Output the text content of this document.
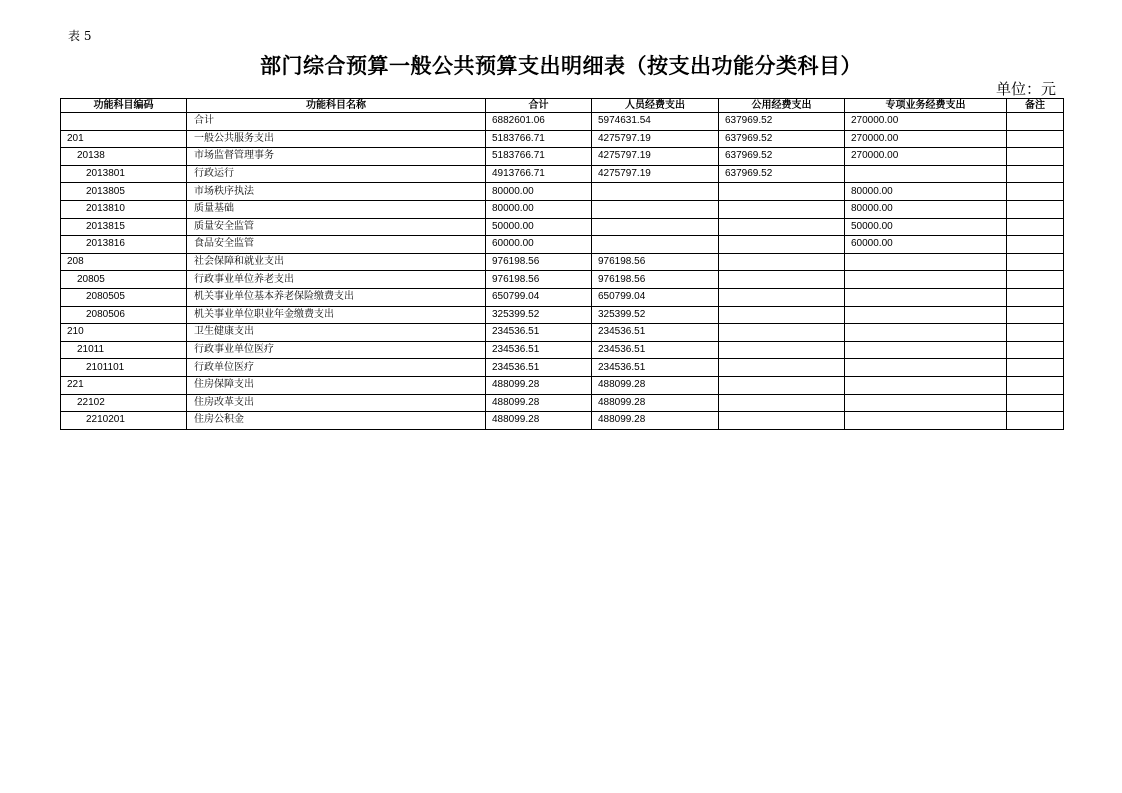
表 5
部门综合预算一般公共预算支出明细表（按支出功能分类科目）
单位：元
功能科目编码	功能科目名称	合计	人员经费支出	公用经费支出	专项业务经费支出	备注
	合计	6882601.06	5974631.54	637969.52	270000.00	
201	一般公共服务支出	5183766.71	4275797.19	637969.52	270000.00	
20138	市场监督管理事务	5183766.71	4275797.19	637969.52	270000.00	
2013801	行政运行	4913766.71	4275797.19	637969.52		
2013805	市场秩序执法	80000.00			80000.00	
2013810	质量基础	80000.00			80000.00	
2013815	质量安全监管	50000.00			50000.00	
2013816	食品安全监管	60000.00			60000.00	
208	社会保障和就业支出	976198.56	976198.56			
20805	行政事业单位养老支出	976198.56	976198.56			
2080505	机关事业单位基本养老保险缴费支出	650799.04	650799.04			
2080506	机关事业单位职业年金缴费支出	325399.52	325399.52			
210	卫生健康支出	234536.51	234536.51			
21011	行政事业单位医疗	234536.51	234536.51			
2101101	行政单位医疗	234536.51	234536.51			
221	住房保障支出	488099.28	488099.28			
22102	住房改革支出	488099.28	488099.28			
2210201	住房公积金	488099.28	488099.28			
